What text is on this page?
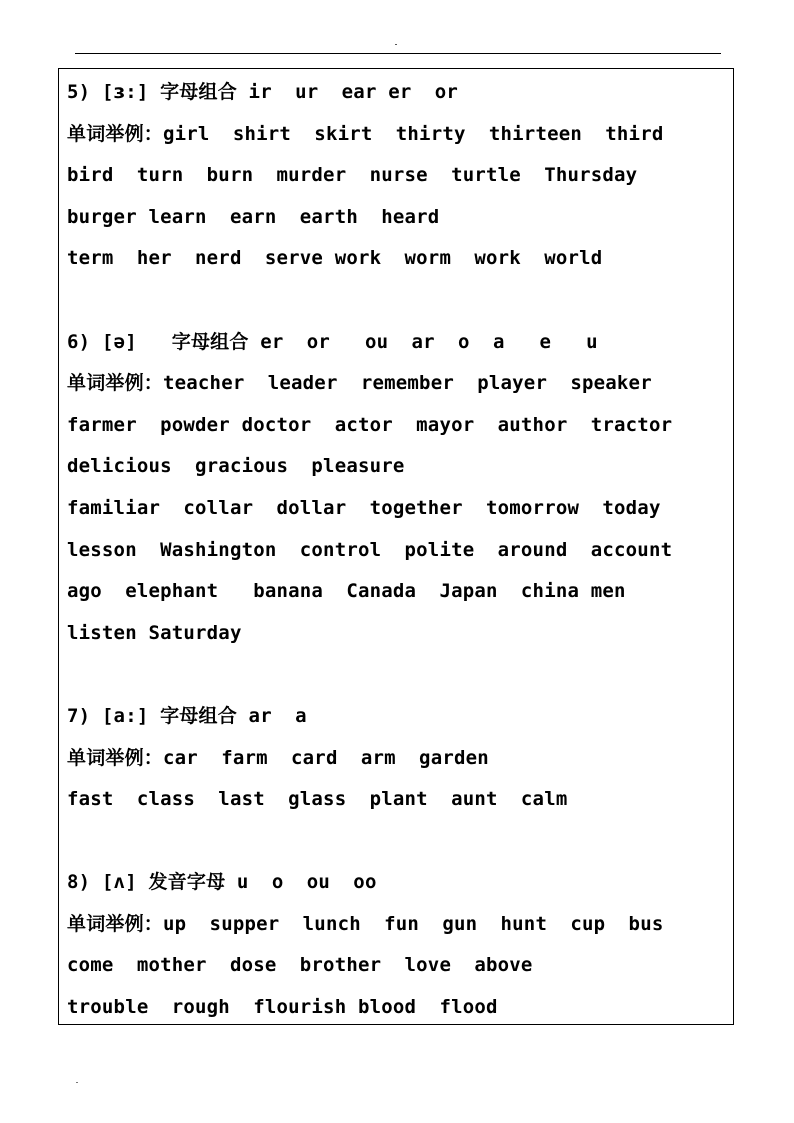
5) [ɜ:] 字母组合 ir  ur  ear er  or
单词举例：girl  shirt  skirt  thirty  thirteen  third
bird  turn  burn  murder  nurse  turtle  Thursday
burger learn  earn  earth  heard
term  her  nerd  serve work  worm  work  world
6) [ə]   字母组合 er  or   ou  ar  o  a   e   u
单词举例：teacher  leader  remember  player  speaker
farmer  powder doctor  actor  mayor  author  tractor
delicious  gracious  pleasure
familiar  collar  dollar  together  tomorrow  today
lesson  Washington  control  polite  around  account
ago  elephant   banana  Canada  Japan  china men
listen Saturday
7) [a:] 字母组合 ar  a
单词举例：car  farm  card  arm  garden
fast  class  last  glass  plant  aunt  calm
8) [ʌ] 发音字母 u  o  ou  oo
单词举例：up  supper  lunch  fun  gun  hunt  cup  bus
come  mother  dose  brother  love  above
trouble  rough  flourish blood  flood
